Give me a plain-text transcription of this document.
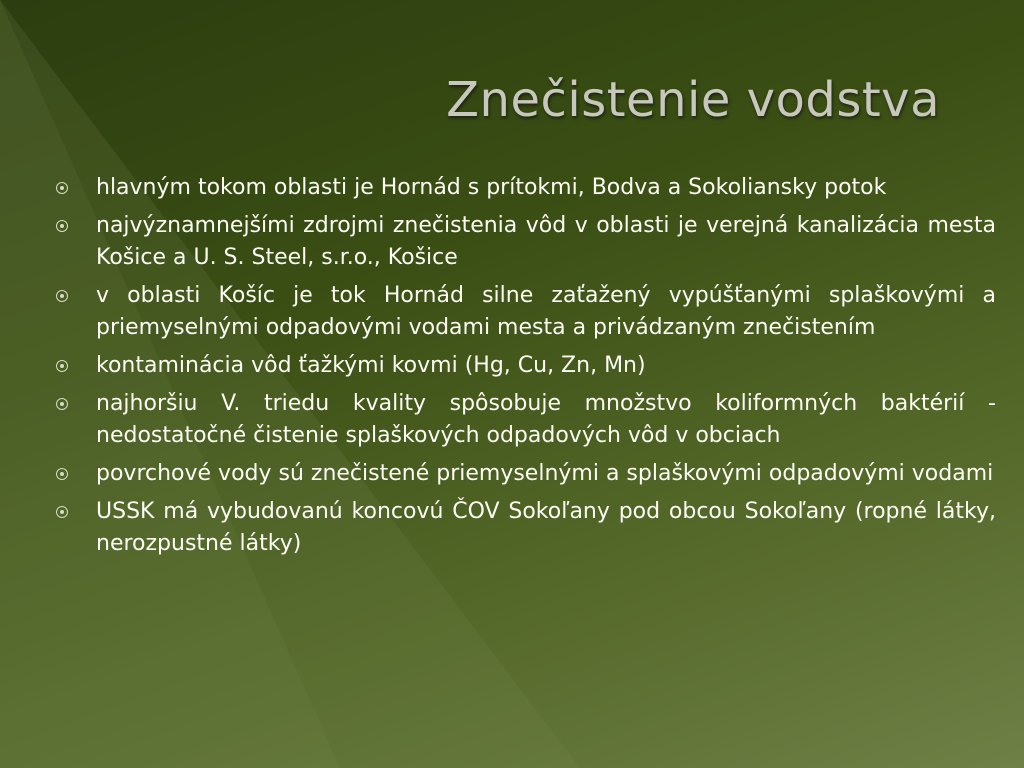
Znečistenie vodstva
hlavným tokom oblasti je Hornád s prítokmi, Bodva a Sokoliansky potok
najvýznamnejšími zdrojmi znečistenia vôd v oblasti je verejná kanalizácia mesta Košice a U. S. Steel, s.r.o., Košice
v oblasti Košíc je tok Hornád silne zaťažený vypúšťanými splaškovými a priemyselnými odpadovými vodami mesta a privádzaným znečistením
kontaminácia vôd ťažkými kovmi (Hg, Cu, Zn, Mn)
najhoršiu V. triedu kvality spôsobuje množstvo koliformných baktérií - nedostatočné čistenie splaškových odpadových vôd v obciach
povrchové vody sú znečistené priemyselnými a splaškovými odpadovými vodami
USSK má vybudovanú koncovú ČOV Sokoľany pod obcou Sokoľany (ropné látky, nerozpustné látky)
